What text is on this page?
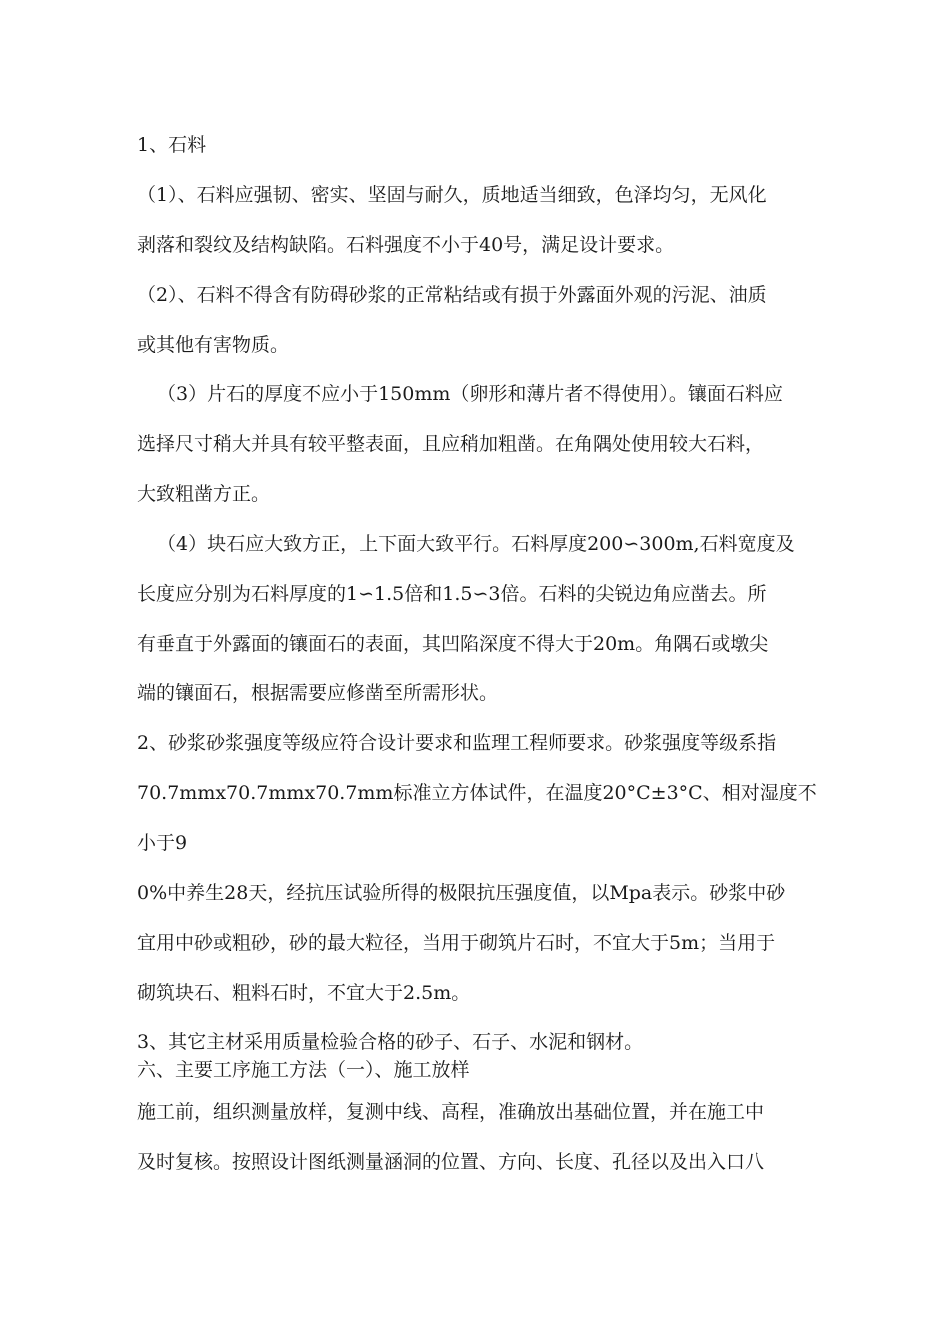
1、石料
（1）、石料应强韧、密实、坚固与耐久，质地适当细致，色泽均匀，无风化
剥落和裂纹及结构缺陷。石料强度不小于40号，满足设计要求。
（2）、石料不得含有防碍砂浆的正常粘结或有损于外露面外观的污泥、油质
或其他有害物质。
（3）片石的厚度不应小于150mm（卵形和薄片者不得使用）。镶面石料应
选择尺寸稍大并具有较平整表面，且应稍加粗凿。在角隅处使用较大石料，
大致粗凿方正。
（4）块石应大致方正，上下面大致平行。石料厚度200∽300m,石料宽度及
长度应分别为石料厚度的1∽1.5倍和1.5∽3倍。石料的尖锐边角应凿去。所
有垂直于外露面的镶面石的表面，其凹陷深度不得大于20m。角隅石或墩尖
端的镶面石，根据需要应修凿至所需形状。
2、砂浆砂浆强度等级应符合设计要求和监理工程师要求。砂浆强度等级系指
70.7mmx70.7mmx70.7mm标准立方体试件，在温度20°C±3°C、相对湿度不
小于9
0%中养生28天，经抗压试验所得的极限抗压强度值，以Mpa表示。砂浆中砂
宜用中砂或粗砂，砂的最大粒径，当用于砌筑片石时，不宜大于5m；当用于
砌筑块石、粗料石时，不宜大于2.5m。
3、其它主材采用质量检验合格的砂子、石子、水泥和钢材。
六、主要工序施工方法（一）、施工放样
施工前，组织测量放样，复测中线、高程，准确放出基础位置，并在施工中
及时复核。按照设计图纸测量涵洞的位置、方向、长度、孔径以及出入口八
